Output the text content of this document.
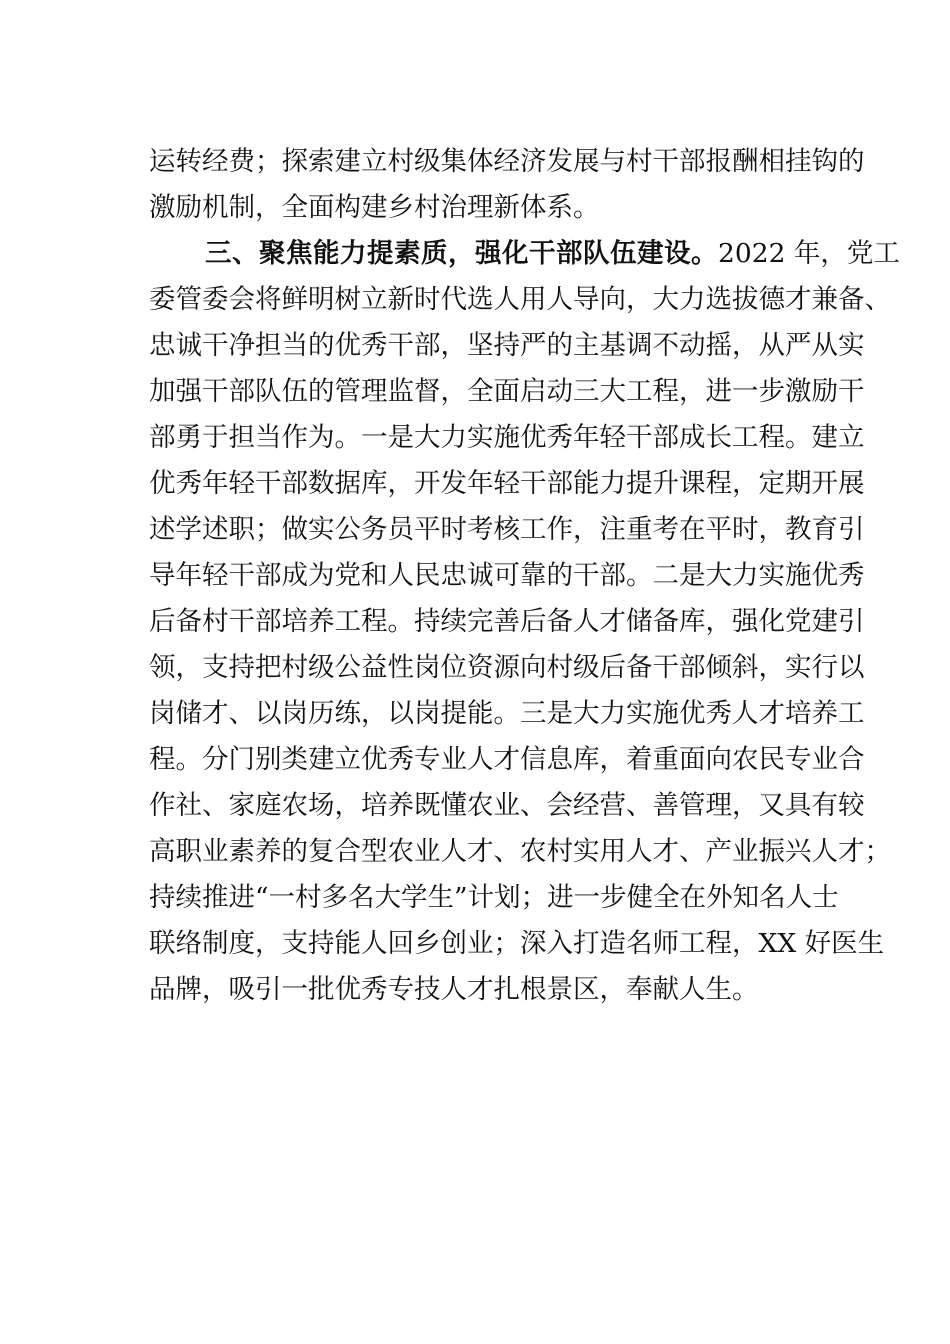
运转经费；探索建立村级集体经济发展与村干部报酬相挂钩的
激励机制，全面构建乡村治理新体系。
三、聚焦能力提素质，强化干部队伍建设。2022 年，党工
委管委会将鲜明树立新时代选人用人导向，大力选拔德才兼备、
忠诚干净担当的优秀干部，坚持严的主基调不动摇，从严从实
加强干部队伍的管理监督，全面启动三大工程，进一步激励干
部勇于担当作为。一是大力实施优秀年轻干部成长工程。建立
优秀年轻干部数据库，开发年轻干部能力提升课程，定期开展
述学述职；做实公务员平时考核工作，注重考在平时，教育引
导年轻干部成为党和人民忠诚可靠的干部。二是大力实施优秀
后备村干部培养工程。持续完善后备人才储备库，强化党建引
领，支持把村级公益性岗位资源向村级后备干部倾斜，实行以
岗储才、以岗历练，以岗提能。三是大力实施优秀人才培养工
程。分门别类建立优秀专业人才信息库，着重面向农民专业合
作社、家庭农场，培养既懂农业、会经营、善管理，又具有较
高职业素养的复合型农业人才、农村实用人才、产业振兴人才；
持续推进“一村多名大学生”计划；进一步健全在外知名人士
联络制度，支持能人回乡创业；深入打造名师工程，XX 好医生
品牌，吸引一批优秀专技人才扎根景区，奉献人生。
